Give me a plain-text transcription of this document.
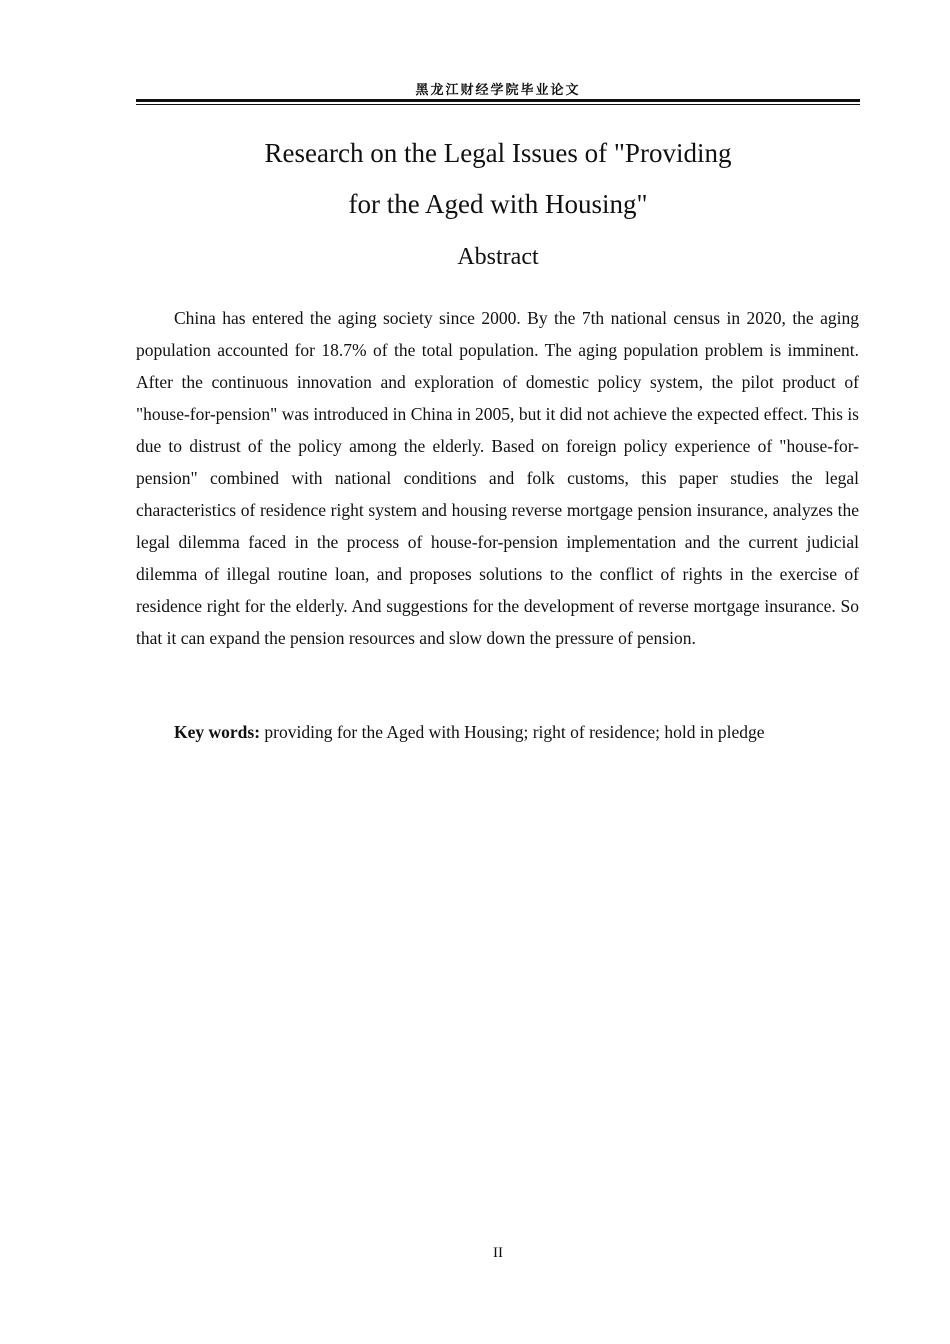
黑龙江财经学院毕业论文
Research on the Legal Issues of "Providing
for the Aged with Housing"
Abstract

China has entered the aging society since 2000. By the 7th national census in 2020, the aging population accounted for 18.7% of the total population. The aging population problem is imminent. After the continuous innovation and exploration of domestic policy system, the pilot product of "house-for-pension" was introduced in China in 2005, but it did not achieve the expected effect. This is due to distrust of the policy among the elderly. Based on foreign policy experience of "house-for-pension" combined with national conditions and folk customs, this paper studies the legal characteristics of residence right system and housing reverse mortgage pension insurance, analyzes the legal dilemma faced in the process of house-for-pension implementation and the current judicial dilemma of illegal routine loan, and proposes solutions to the conflict of rights in the exercise of residence right for the elderly. And suggestions for the development of reverse mortgage insurance. So that it can expand the pension resources and slow down the pressure of pension.

Key words: providing for the Aged with Housing; right of residence; hold in pledge

II
